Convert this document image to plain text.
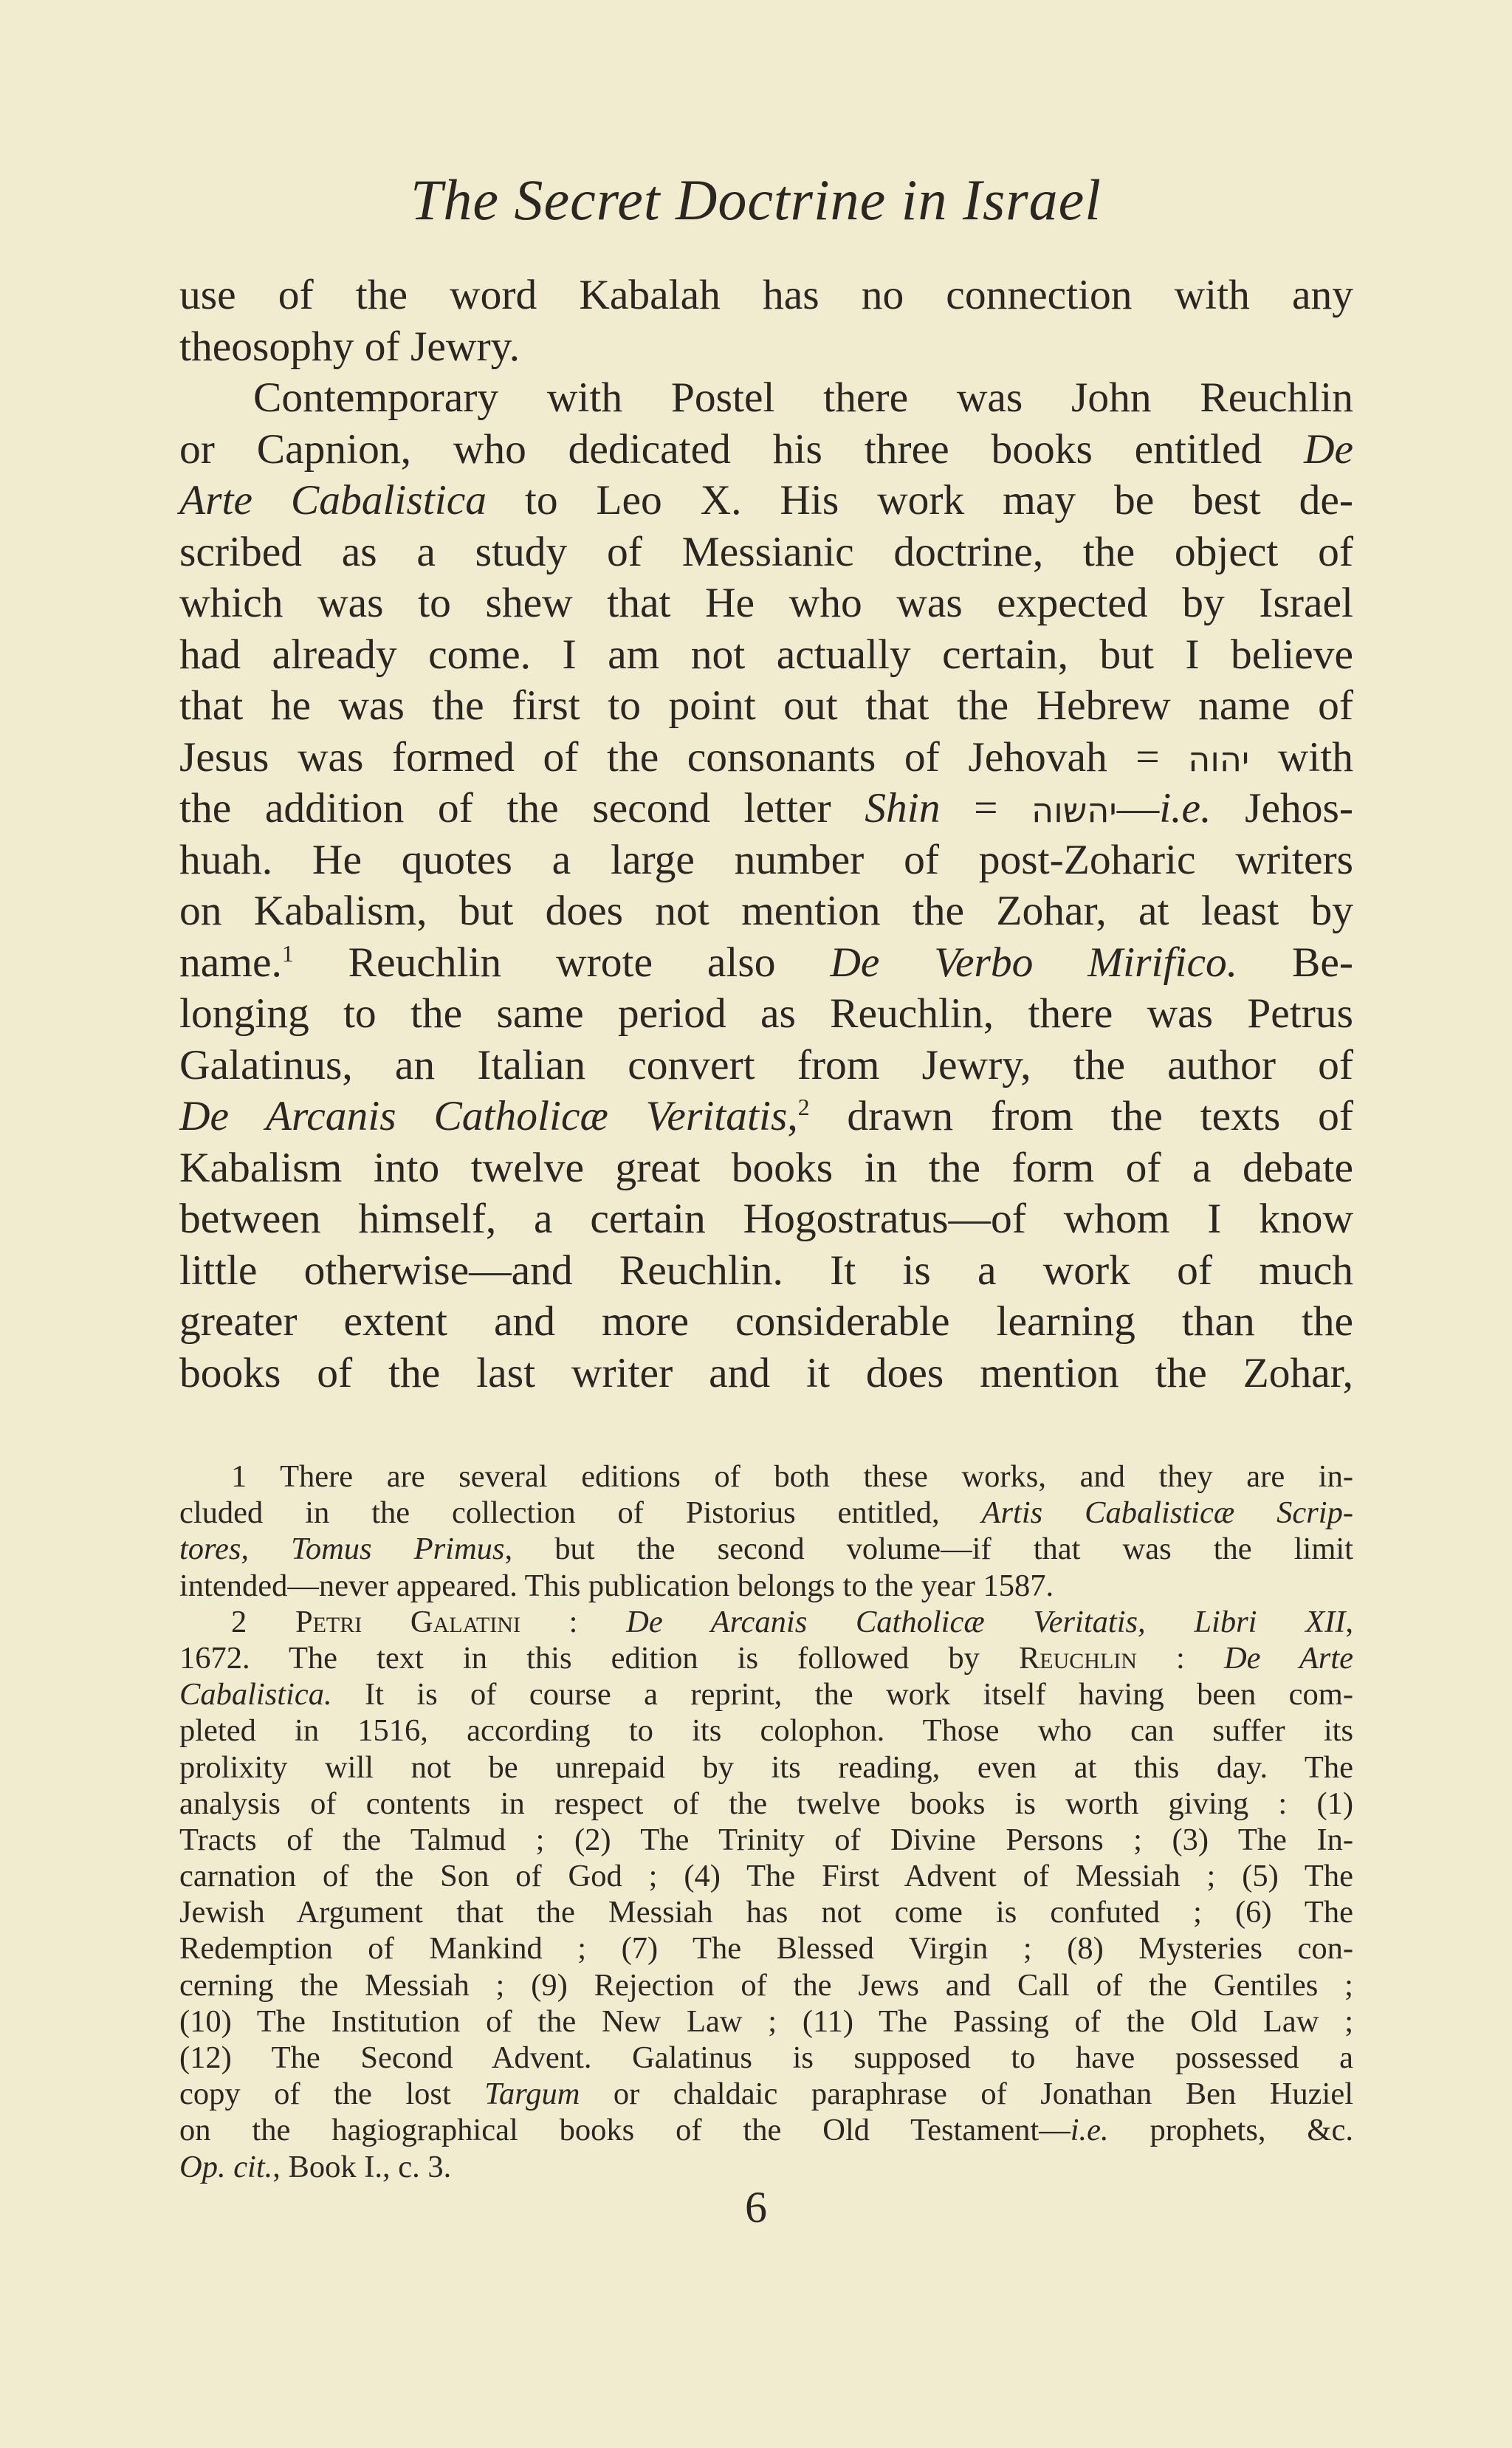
The Secret Doctrine in Israel
use of the word Kabalah has no connection with any
theosophy of Jewry.
Contemporary with Postel there was John Reuchlin
or Capnion, who dedicated his three books entitled De
Arte Cabalistica to Leo X. His work may be best de-
scribed as a study of Messianic doctrine, the object of
which was to shew that He who was expected by Israel
had already come. I am not actually certain, but I believe
that he was the first to point out that the Hebrew name of
Jesus was formed of the consonants of Jehovah = יהוה with
the addition of the second letter Shin = יהשוה—i.e. Jehos-
huah. He quotes a large number of post-Zoharic writers
on Kabalism, but does not mention the Zohar, at least by
name.$^1$ Reuchlin wrote also De Verbo Mirifico. Be-
longing to the same period as Reuchlin, there was Petrus
Galatinus, an Italian convert from Jewry, the author of
De Arcanis Catholicæ Veritatis,$^2$ drawn from the texts of
Kabalism into twelve great books in the form of a debate
between himself, a certain Hogostratus—of whom I know
little otherwise—and Reuchlin. It is a work of much
greater extent and more considerable learning than the
books of the last writer and it does mention the Zohar,
1 There are several editions of both these works, and they are in-
cluded in the collection of Pistorius entitled, Artis Cabalisticæ Scrip-
tores, Tomus Primus, but the second volume—if that was the limit
intended—never appeared. This publication belongs to the year 1587.
2 Petri Galatini : De Arcanis Catholicæ Veritatis, Libri XII,
1672. The text in this edition is followed by Reuchlin : De Arte
Cabalistica. It is of course a reprint, the work itself having been com-
pleted in 1516, according to its colophon. Those who can suffer its
prolixity will not be unrepaid by its reading, even at this day. The
analysis of contents in respect of the twelve books is worth giving : (1)
Tracts of the Talmud ; (2) The Trinity of Divine Persons ; (3) The In-
carnation of the Son of God ; (4) The First Advent of Messiah ; (5) The
Jewish Argument that the Messiah has not come is confuted ; (6) The
Redemption of Mankind ; (7) The Blessed Virgin ; (8) Mysteries con-
cerning the Messiah ; (9) Rejection of the Jews and Call of the Gentiles ;
(10) The Institution of the New Law ; (11) The Passing of the Old Law ;
(12) The Second Advent. Galatinus is supposed to have possessed a
copy of the lost Targum or chaldaic paraphrase of Jonathan Ben Huziel
on the hagiographical books of the Old Testament—i.e. prophets, &c.
Op. cit., Book I., c. 3.
6
